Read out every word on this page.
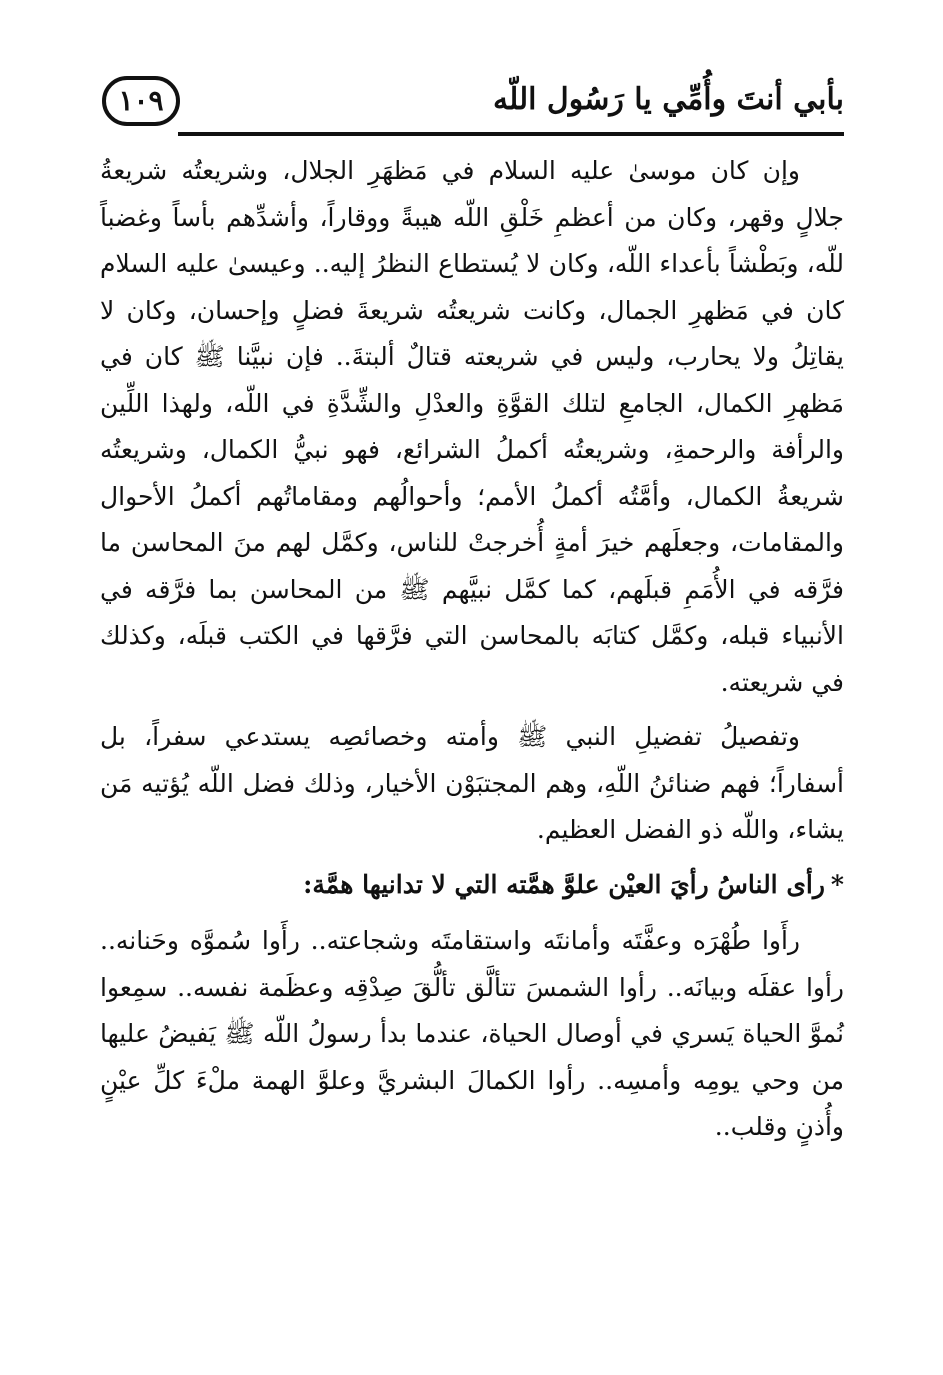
بأبي أنتَ وأُمِّي يا رَسُول اللّه
١٠٩

وإن كان موسىٰ عليه السلام في مَظهَرِ الجلال، وشريعتُه شريعةُ جلالٍ وقهر، وكان من أعظمِ خَلْقِ اللّه هيبةً ووقاراً، وأشدِّهم بأساً وغضباً للّه، وبَطْشاً بأعداء اللّه، وكان لا يُستطاع النظرُ إليه.. وعيسىٰ عليه السلام كان في مَظهرِ الجمال، وكانت شريعتُه شريعةَ فضلٍ وإحسان، وكان لا يقاتِلُ ولا يحارب، وليس في شريعته قتالٌ ألبتةَ.. فإن نبيَّنا ﷺ كان في مَظهرِ الكمال، الجامعِ لتلك القوَّةِ والعدْلِ والشِّدَّةِ في اللّه، ولهذا اللِّين والرأفة والرحمةِ، وشريعتُه أكملُ الشرائع، فهو نبيُّ الكمال، وشريعتُه شريعةُ الكمال، وأمَّتُه أكملُ الأمم؛ وأحوالُهم ومقاماتُهم أكملُ الأحوال والمقامات، وجعلَهم خيرَ أمةٍ أُخرجتْ للناس، وكمَّل لهم منَ المحاسن ما فرَّقه في الأُمَمِ قبلَهم، كما كمَّل نبيَّهم ﷺ من المحاسن بما فرَّقه في الأنبياء قبله، وكمَّل كتابَه بالمحاسن التي فرَّقها في الكتب قبلَه، وكذلك في شريعته.

وتفصيلُ تفضيلِ النبي ﷺ وأمته وخصائصِه يستدعي سفراً، بل أسفاراً؛ فهم ضنائنُ اللّهِ، وهم المجتبَوْن الأخيار، وذلك فضل اللّه يُؤتيه مَن يشاء، واللّه ذو الفضل العظيم.

*رأى الناسُ رأيَ العيْن علوَّ همَّته التي لا تدانيها همَّة:

رأَوا طُهْرَه وعفَّتَه وأمانتَه واستقامتَه وشجاعته.. رأَوا سُموَّه وحَنانه.. رأوا عقلَه وبيانَه.. رأوا الشمسَ تتألَّق تألُّقَ صِدْقِه وعظَمة نفسه.. سمِعوا نُموَّ الحياة يَسري في أوصال الحياة، عندما بدأ رسولُ اللّه ﷺ يَفيضُ عليها من وحي يومِه وأمسِه.. رأوا الكمالَ البشريَّ وعلوَّ الهمة ملْءَ كلِّ عيْنٍ وأُذنٍ وقلب..
